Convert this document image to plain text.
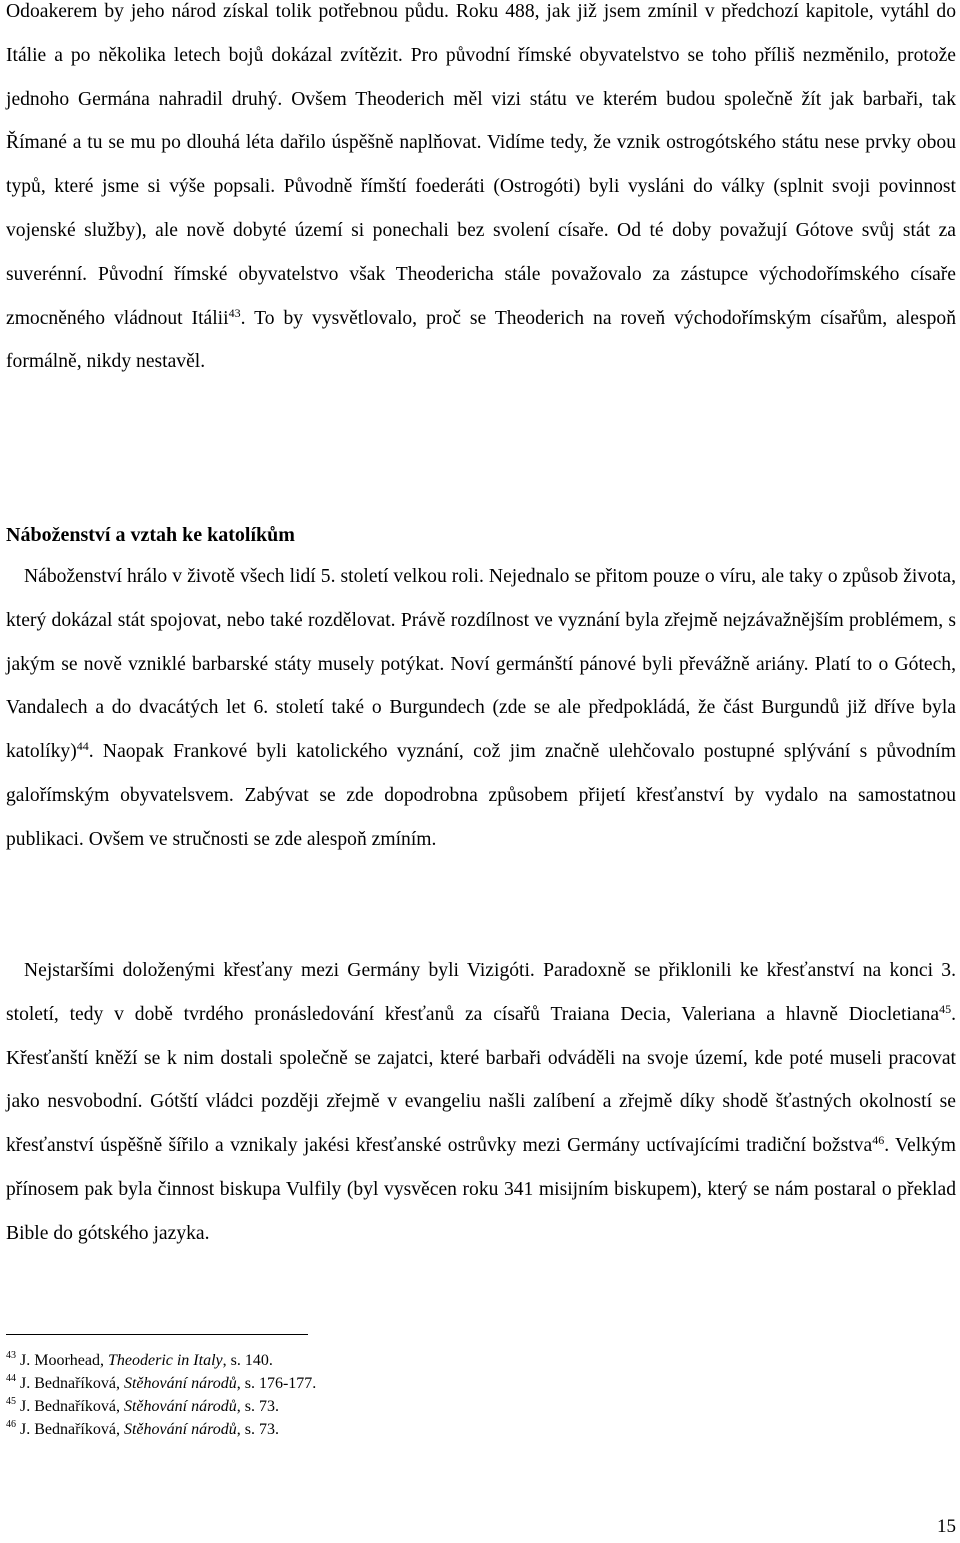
Odoakerem by jeho národ získal tolik potřebnou půdu. Roku 488, jak již jsem zmínil v předchozí kapitole, vytáhl do Itálie a po několika letech bojů dokázal zvítězit. Pro původní římské obyvatelstvo se toho příliš nezměnilo, protože jednoho Germána nahradil druhý. Ovšem Theoderich měl vizi státu ve kterém budou společně žít jak barbaři, tak Římané a tu se mu po dlouhá léta dařilo úspěšně naplňovat. Vidíme tedy, že vznik ostrogótského státu nese prvky obou typů, které jsme si výše popsali. Původně římští foederáti (Ostrogóti) byli vysláni do války (splnit svoji povinnost vojenské služby), ale nově dobyté území si ponechali bez svolení císaře. Od té doby považují Gótove svůj stát za suverénní. Původní římské obyvatelstvo však Theodericha stále považovalo za zástupce východořímského císaře zmocněného vládnout Itálii$^{43}$. To by vysvětlovalo, proč se Theoderich na roveň východořímským císařům, alespoň formálně, nikdy nestavěl.

Náboženství a vztah ke katolíkům

Náboženství hrálo v životě všech lidí 5. století velkou roli. Nejednalo se přitom pouze o víru, ale taky o způsob života, který dokázal stát spojovat, nebo také rozdělovat. Právě rozdílnost ve vyznání byla zřejmě nejzávažnějším problémem, s jakým se nově vzniklé barbarské státy musely potýkat. Noví germánští pánové byli převážně ariány. Platí to o Gótech, Vandalech a do dvacátých let 6. století také o Burgundech (zde se ale předpokládá, že část Burgundů již dříve byla katolíky)$^{44}$. Naopak Frankové byli katolického vyznání, což jim značně ulehčovalo postupné splývání s původním galořímským obyvatelsvem. Zabývat se zde dopodrobna způsobem přijetí křesťanství by vydalo na samostatnou publikaci. Ovšem ve stručnosti se zde alespoň zmíním.

Nejstaršími doloženými křesťany mezi Germány byli Vizigóti. Paradoxně se přiklonili ke křesťanství na konci 3. století, tedy v době tvrdého pronásledování křesťanů za císařů Traiana Decia, Valeriana a hlavně Diocletiana$^{45}$. Křesťanští kněží se k nim dostali společně se zajatci, které barbaři odváděli na svoje území, kde poté museli pracovat jako nesvobodní. Gótští vládci později zřejmě v evangeliu našli zalíbení a zřejmě díky shodě šťastných okolností se křesťanství úspěšně šířilo a vznikaly jakési křesťanské ostrůvky mezi Germány uctívajícími tradiční božstva$^{46}$. Velkým přínosem pak byla činnost biskupa Vulfily (byl vysvěcen roku 341 misijním biskupem), který se nám postaral o překlad Bible do gótského jazyka.

$^{43}$ J. Moorhead, Theoderic in Italy, s. 140.
$^{44}$ J. Bednaříková, Stěhování národů, s. 176-177.
$^{45}$ J. Bednaříková, Stěhování národů, s. 73.
$^{46}$ J. Bednaříková, Stěhování národů, s. 73.
15
